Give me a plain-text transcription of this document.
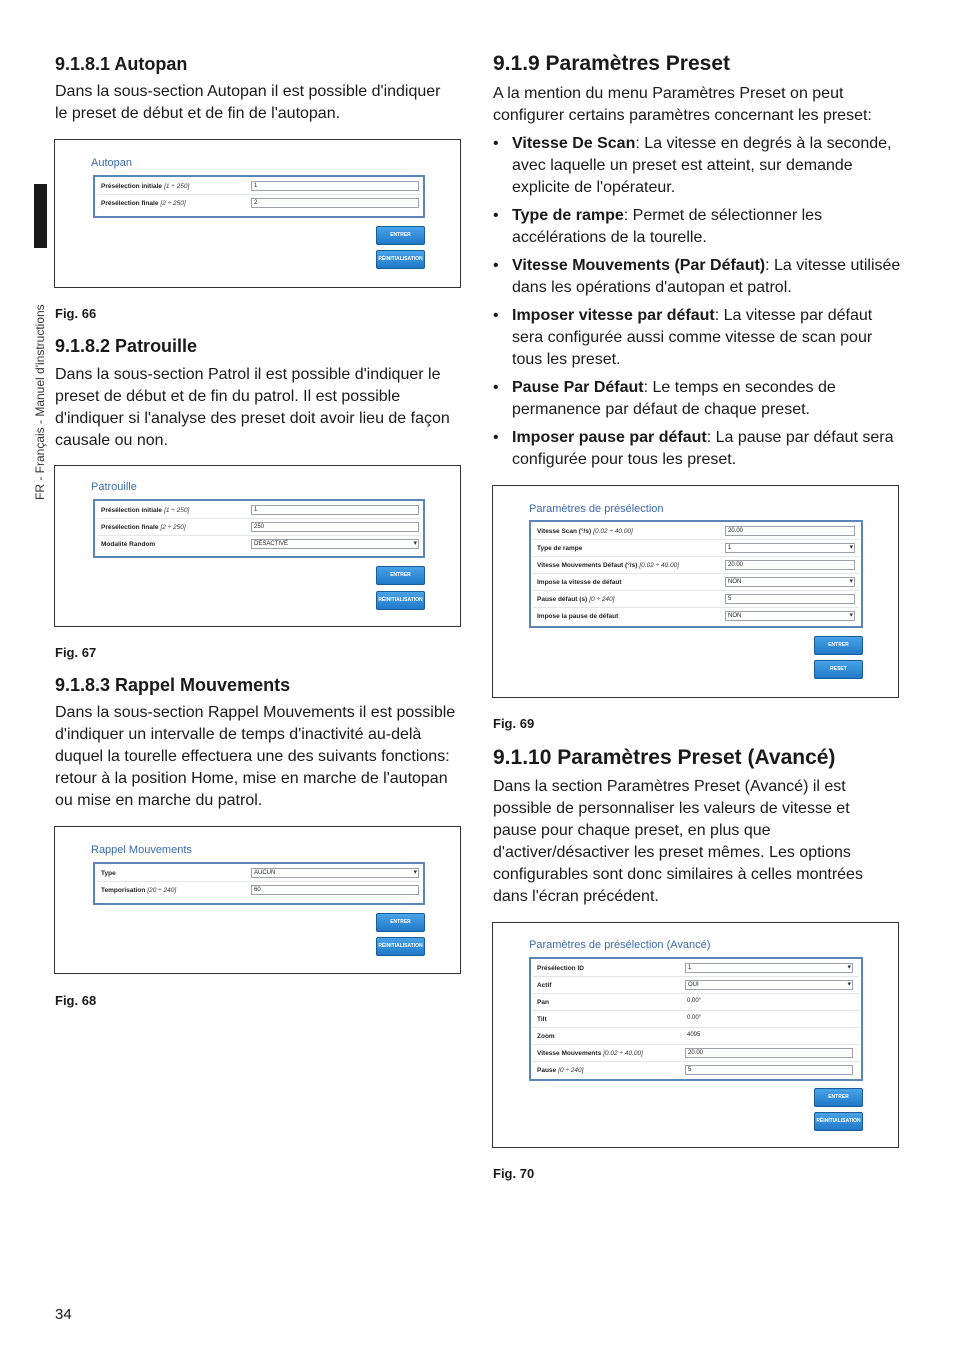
FR - Français - Manuel d'instructions
9.1.8.1 Autopan

Dans la sous-section Autopan il est possible d'indiquer le preset de début et de fin de l'autopan.

Autopan
Présélection initiale [1 ÷ 250]	1
Présélection finale [2 ÷ 250]	2
ENTRER
RÉINITIALISATION
Fig. 66
9.1.8.2 Patrouille

Dans la sous-section Patrol il est possible d'indiquer le preset de début et de fin du patrol. Il est possible d'indiquer si l'analyse des preset doit avoir lieu de façon causale ou non.

Patrouille
Présélection initiale [1 ÷ 250]	1
Présélection finale [2 ÷ 250]	250
Modalité Random	DÉSACTIVÉ ▾
ENTRER
RÉINITIALISATION
Fig. 67
9.1.8.3 Rappel Mouvements

Dans la sous-section Rappel Mouvements il est possible d'indiquer un intervalle de temps d'inactivité au-delà duquel la tourelle effectuera une des suivants fonctions: retour à la position Home, mise en marche de l'autopan ou mise en marche du patrol.

Rappel Mouvements
Type	AUCUN ▾
Temporisation [20 ÷ 240]	60
ENTRER
RÉINITIALISATION
Fig. 68
9.1.9 Paramètres Preset

A la mention du menu Paramètres Preset on peut configurer certains paramètres concernant les preset:

• Vitesse De Scan: La vitesse en degrés à la seconde, avec laquelle un preset est atteint, sur demande explicite de l'opérateur.
• Type de rampe: Permet de sélectionner les accélérations de la tourelle.
• Vitesse Mouvements (Par Défaut): La vitesse utilisée dans les opérations d'autopan et patrol.
• Imposer vitesse par défaut: La vitesse par défaut sera configurée aussi comme vitesse de scan pour tous les preset.
• Pause Par Défaut: Le temps en secondes de permanence par défaut de chaque preset.
• Imposer pause par défaut: La pause par défaut sera configurée pour tous les preset.
Paramètres de présélection
Vitesse Scan (°/s) [0.02 ÷ 40.00]	20.00
Type de rampe	1 ▾
Vitesse Mouvements Défaut (°/s) [0.02 ÷ 40.00]	20.00
Impose la vitesse de défaut	NON ▾
Pause défaut (s) [0 ÷ 240]	5
Impose la pause de défaut	NON ▾
ENTRER
RESET
Fig. 69
9.1.10 Paramètres Preset (Avancé)

Dans la section Paramètres Preset (Avancé) il est possible de personnaliser les valeurs de vitesse et pause pour chaque preset, en plus que d'activer/désactiver les preset mêmes. Les options configurables sont donc similaires à celles montrées dans l'écran précédent.

Paramètres de présélection (Avancé)
Présélection ID	1 ▾
Actif	OUI ▾
Pan	0.00°
Tilt	0.00°
Zoom	4095
Vitesse Mouvements [0.02 ÷ 40.00]	20.00
Pause [0 ÷ 240]	5
ENTRER
RÉINITIALISATION
Fig. 70
34
